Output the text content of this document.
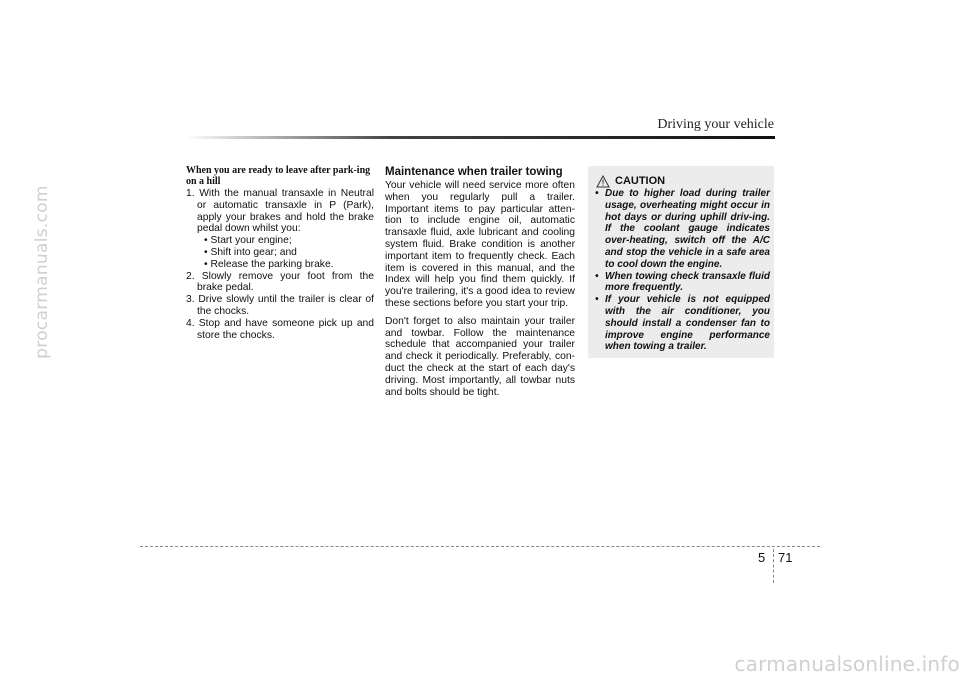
procarmanuals.com
Driving your vehicle
When you are ready to leave after park-ing on a hill

1. With the manual transaxle in Neutral or automatic transaxle in P (Park), apply your brakes and hold the brake pedal down whilst you:

• Start your engine;

• Shift into gear; and

• Release the parking brake.

2. Slowly remove your foot from the brake pedal.

3. Drive slowly until the trailer is clear of the chocks.

4. Stop and have someone pick up and store the chocks.

Maintenance when trailer towing

Your vehicle will need service more often when you regularly pull a trailer. Important items to pay particular atten-tion to include engine oil, automatic transaxle fluid, axle lubricant and cooling system fluid. Brake condition is another important item to frequently check. Each item is covered in this manual, and the Index will help you find them quickly. If you're trailering, it's a good idea to review these sections before you start your trip.

Don't forget to also maintain your trailer and towbar. Follow the maintenance schedule that accompanied your trailer and check it periodically. Preferably, con-duct the check at the start of each day's driving. Most importantly, all towbar nuts and bolts should be tight.

CAUTION
• Due to higher load during trailer usage, overheating might occur in hot days or during uphill driv-ing. If the coolant gauge indicates over-heating, switch off the A/C and stop the vehicle in a safe area to cool down the engine.
• When towing check transaxle fluid more frequently.
• If your vehicle is not equipped with the air conditioner, you should install a condenser fan to improve engine performance when towing a trailer.
5 71
carmanualsonline.info
